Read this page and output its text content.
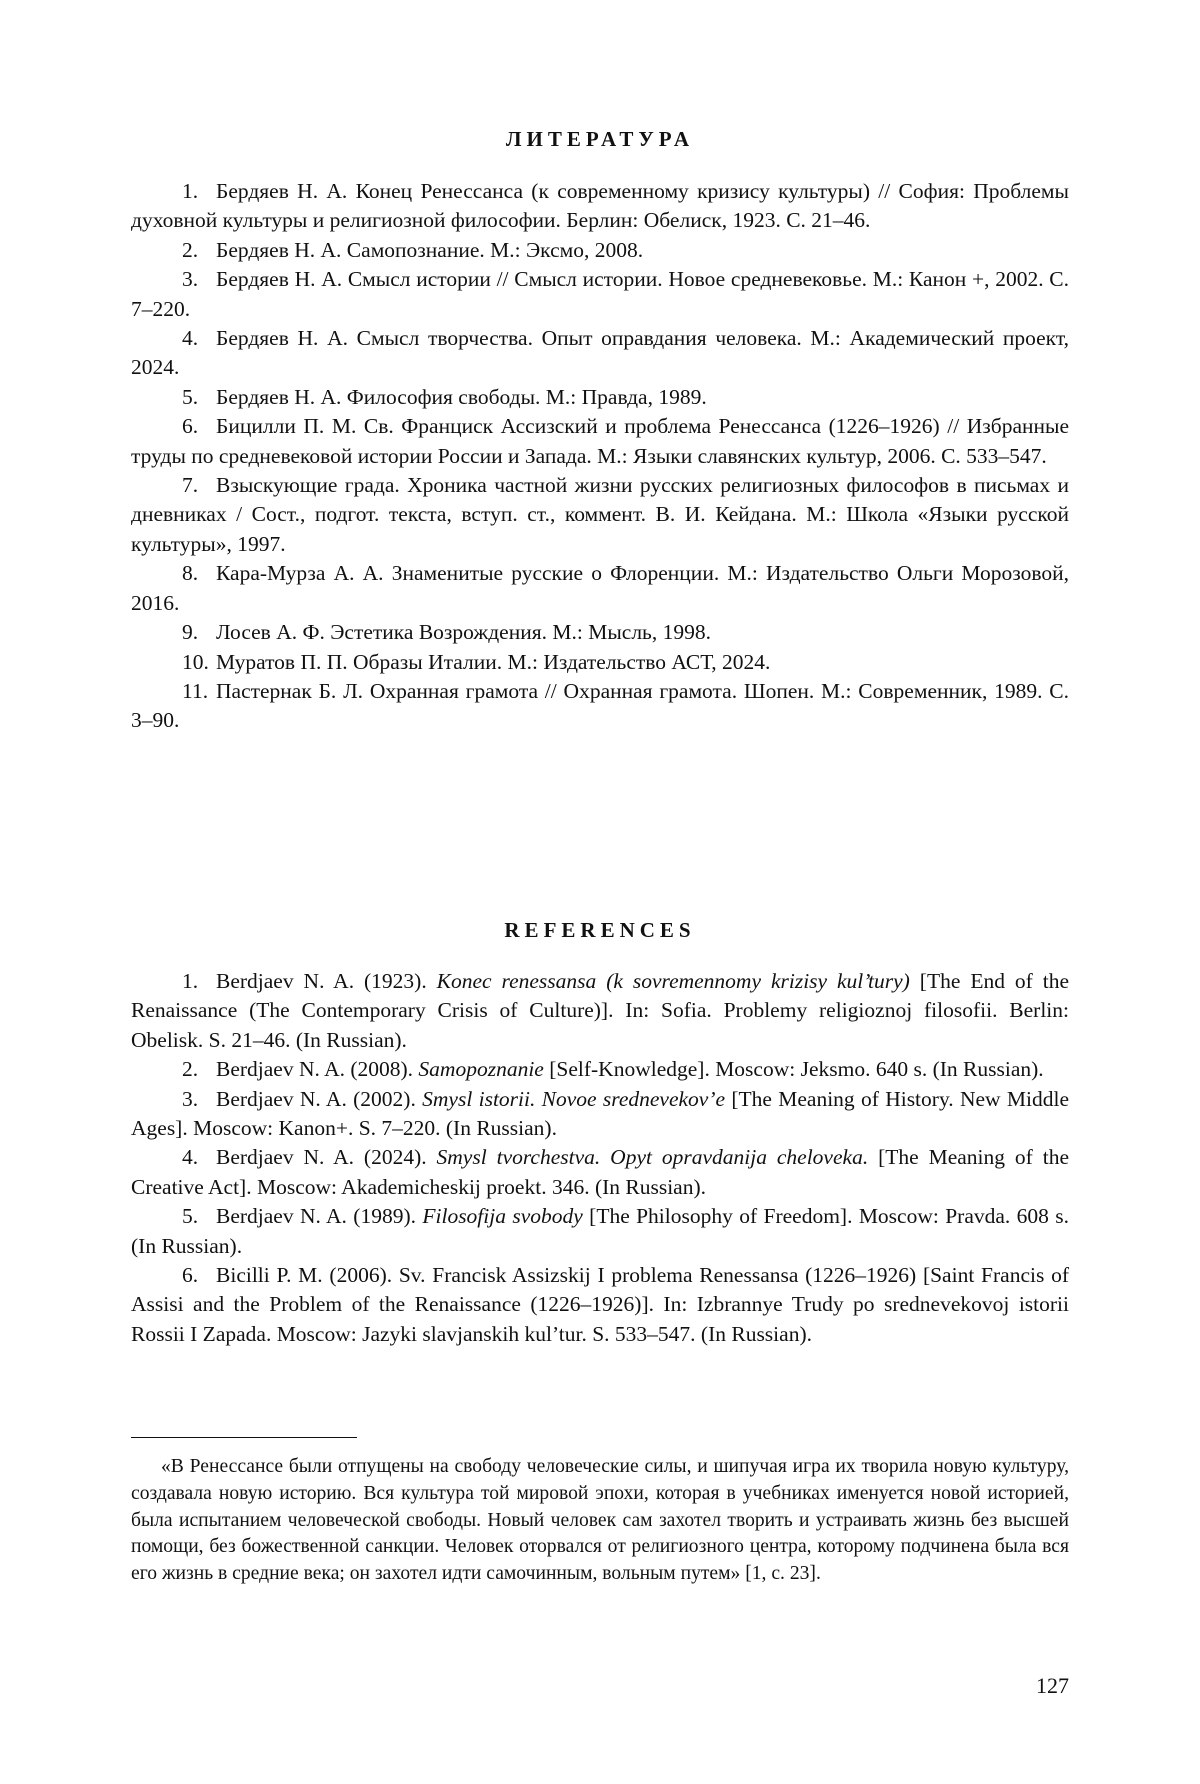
ЛИТЕРАТУРА

1. Бердяев Н. А. Конец Ренессанса (к современному кризису культуры) // София: Проблемы духовной культуры и религиозной философии. Берлин: Обелиск, 1923. С. 21–46.

2. Бердяев Н. А. Самопознание. М.: Эксмо, 2008.

3. Бердяев Н. А. Смысл истории // Смысл истории. Новое средневековье. М.: Канон +, 2002. С. 7–220.

4. Бердяев Н. А. Смысл творчества. Опыт оправдания человека. М.: Академический проект, 2024.

5. Бердяев Н. А. Философия свободы. М.: Правда, 1989.

6. Бицилли П. М. Св. Франциск Ассизский и проблема Ренессанса (1226–1926) // Избранные труды по средневековой истории России и Запада. М.: Языки славянских культур, 2006. С. 533–547.

7. Взыскующие града. Хроника частной жизни русских религиозных философов в письмах и дневниках / Сост., подгот. текста, вступ. ст., коммент. В. И. Кейдана. М.: Школа «Языки русской культуры», 1997.

8. Кара-Мурза А. А. Знаменитые русские о Флоренции. М.: Издательство Ольги Морозовой, 2016.

9. Лосев А. Ф. Эстетика Возрождения. М.: Мысль, 1998.

10. Муратов П. П. Образы Италии. М.: Издательство АСТ, 2024.

11. Пастернак Б. Л. Охранная грамота // Охранная грамота. Шопен. М.: Современник, 1989. С. 3–90.

REFERENCES

1. Berdjaev N. A. (1923). Konec renessansa (k sovremennomy krizisy kul’tury) [The End of the Renaissance (The Contemporary Crisis of Culture)]. In: Sofia. Problemy religioznoj filosofii. Berlin: Obelisk. S. 21–46. (In Russian).

2. Berdjaev N. A. (2008). Samopoznanie [Self-Knowledge]. Moscow: Jeksmo. 640 s. (In Russian).

3. Berdjaev N. A. (2002). Smysl istorii. Novoe srednevekov’e [The Meaning of History. New Middle Ages]. Moscow: Kanon+. S. 7–220. (In Russian).

4. Berdjaev N. A. (2024). Smysl tvorchestva. Opyt opravdanija cheloveka. [The Meaning of the Creative Act]. Moscow: Akademicheskij proekt. 346. (In Russian).

5. Berdjaev N. A. (1989). Filosofija svobody [The Philosophy of Freedom]. Moscow: Pravda. 608 s. (In Russian).

6. Bicilli P. M. (2006). Sv. Francisk Assizskij I problema Renessansa (1226–1926) [Saint Francis of Assisi and the Problem of the Renaissance (1226–1926)]. In: Izbrannye Trudy po srednevekovoj istorii Rossii I Zapada. Moscow: Jazyki slavjanskih kul’tur. S. 533–547. (In Russian).

«В Ренессансе были отпущены на свободу человеческие силы, и шипучая игра их творила новую культуру, создавала новую историю. Вся культура той мировой эпохи, которая в учебниках именуется новой историей, была испытанием человеческой свободы. Новый человек сам захотел творить и устраивать жизнь без высшей помощи, без божественной санкции. Человек оторвался от религиозного центра, которому подчинена была вся его жизнь в средние века; он захотел идти самочинным, вольным путем» [1, с. 23].

127
